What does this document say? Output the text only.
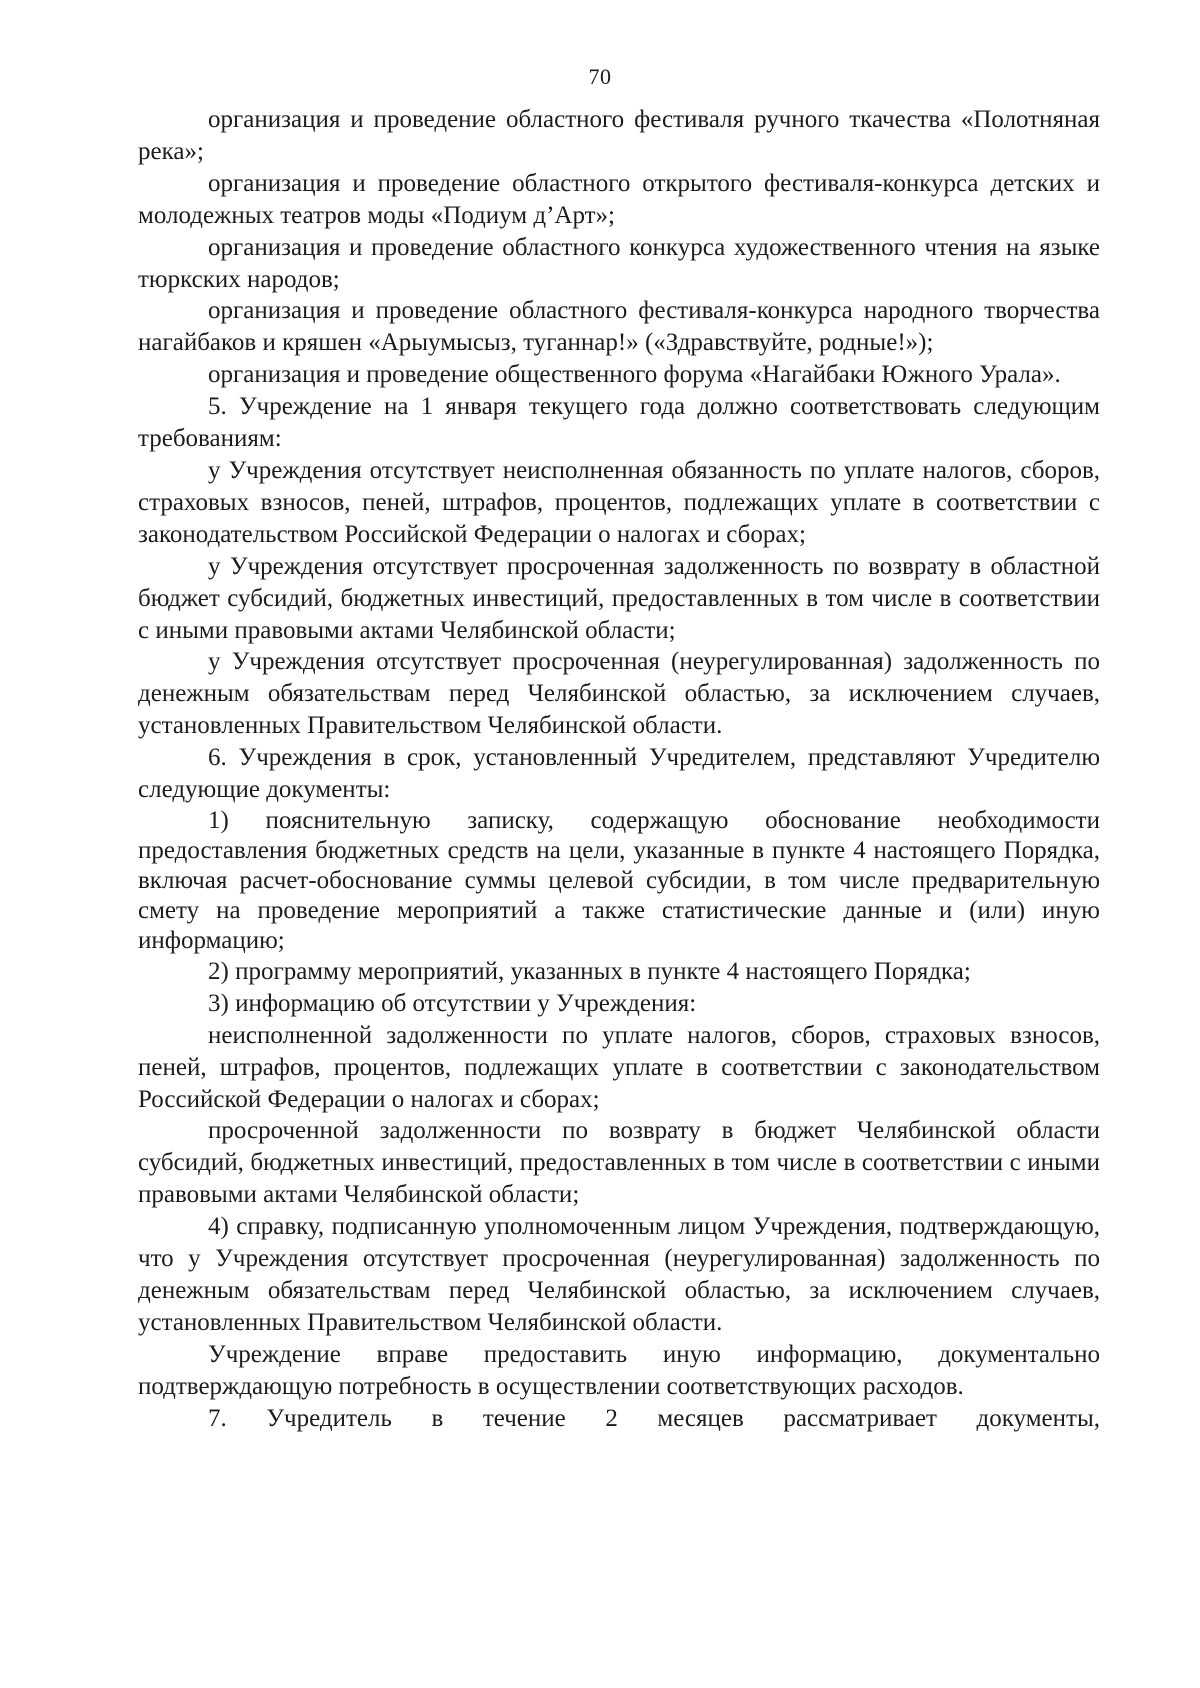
70

организация и проведение областного фестиваля ручного ткачества «Полотняная река»;

организация и проведение областного открытого фестиваля-конкурса детских и молодежных театров моды «Подиум д’Арт»;

организация и проведение областного конкурса художественного чтения на языке тюркских народов;

организация и проведение областного фестиваля-конкурса народного творчества нагайбаков и кряшен «Арыумысыз, туганнар!» («Здравствуйте, родные!»);

организация и проведение общественного форума «Нагайбаки Южного Урала».

5. Учреждение на 1 января текущего года должно соответствовать следующим требованиям:

у Учреждения отсутствует неисполненная обязанность по уплате налогов, сборов, страховых взносов, пеней, штрафов, процентов, подлежащих уплате в соответствии с законодательством Российской Федерации о налогах и сборах;

у Учреждения отсутствует просроченная задолженность по возврату в областной бюджет субсидий, бюджетных инвестиций, предоставленных в том числе в соответствии с иными правовыми актами Челябинской области;

у Учреждения отсутствует просроченная (неурегулированная) задолженность по денежным обязательствам перед Челябинской областью, за исключением случаев, установленных Правительством Челябинской области.

6. Учреждения в срок, установленный Учредителем, представляют Учредителю следующие документы:

1) пояснительную записку, содержащую обоснование необходимости предоставления бюджетных средств на цели, указанные в пункте 4 настоящего Порядка, включая расчет-обоснование суммы целевой субсидии, в том числе предварительную смету на проведение мероприятий а также статистические данные и (или) иную информацию;

2) программу мероприятий, указанных в пункте 4 настоящего Порядка;

3) информацию об отсутствии у Учреждения:

неисполненной задолженности по уплате налогов, сборов, страховых взносов, пеней, штрафов, процентов, подлежащих уплате в соответствии с законодательством Российской Федерации о налогах и сборах;

просроченной задолженности по возврату в бюджет Челябинской области субсидий, бюджетных инвестиций, предоставленных в том числе в соответствии с иными правовыми актами Челябинской области;

4) справку, подписанную уполномоченным лицом Учреждения, подтверждающую, что у Учреждения отсутствует просроченная (неурегулированная) задолженность по денежным обязательствам перед Челябинской областью, за исключением случаев, установленных Правительством Челябинской области.

Учреждение вправе предоставить иную информацию, документально подтверждающую потребность в осуществлении соответствующих расходов.

7. Учредитель в течение 2 месяцев рассматривает документы,
